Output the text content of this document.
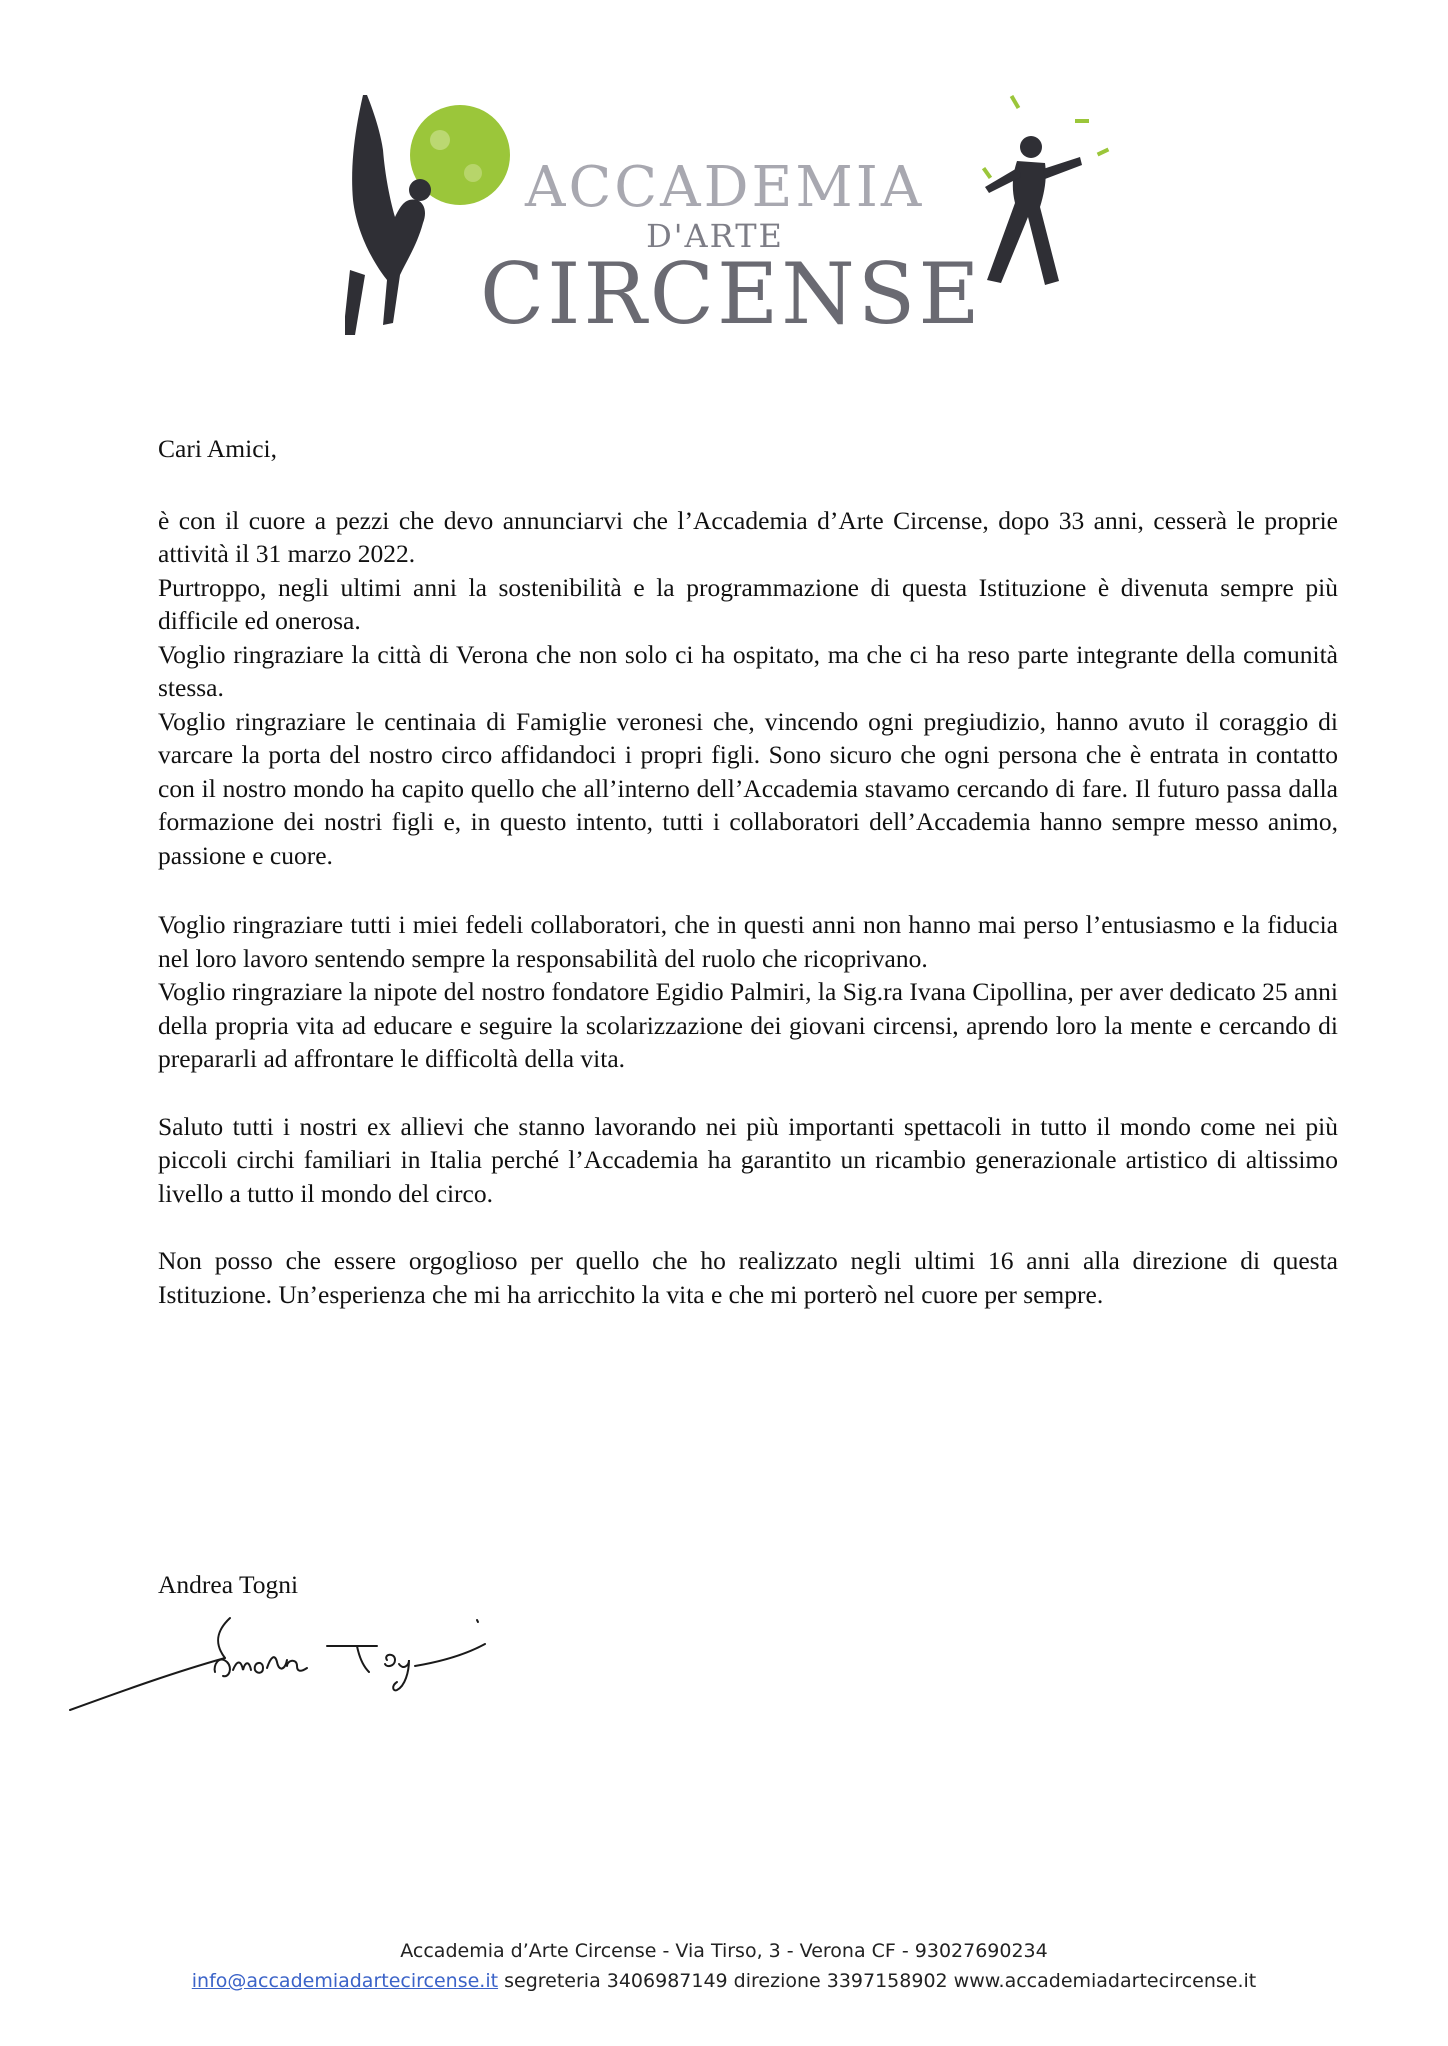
ACCADEMIA
D'ARTE
CIRCENSE

Cari Amici,

è con il cuore a pezzi che devo annunciarvi che l’Accademia d’Arte Circense, dopo 33 anni, cesserà le proprie attività il 31 marzo 2022.

Purtroppo, negli ultimi anni la sostenibilità e la programmazione di questa Istituzione è divenuta sempre più difficile ed onerosa.

Voglio ringraziare la città di Verona che non solo ci ha ospitato, ma che ci ha reso parte integrante della comunità stessa.

Voglio ringraziare le centinaia di Famiglie veronesi che, vincendo ogni pregiudizio, hanno avuto il coraggio di varcare la porta del nostro circo affidandoci i propri figli. Sono sicuro che ogni persona che è entrata in contatto con il nostro mondo ha capito quello che all’interno dell’Accademia stavamo cercando di fare. Il futuro passa dalla formazione dei nostri figli e, in questo intento, tutti i collaboratori dell’Accademia hanno sempre messo animo, passione e cuore.

Voglio ringraziare tutti i miei fedeli collaboratori, che in questi anni non hanno mai perso l’entusiasmo e la fiducia nel loro lavoro sentendo sempre la responsabilità del ruolo che ricoprivano.

Voglio ringraziare la nipote del nostro fondatore Egidio Palmiri, la Sig.ra Ivana Cipollina, per aver dedicato 25 anni della propria vita ad educare e seguire la scolarizzazione dei giovani circensi, aprendo loro la mente e cercando di prepararli ad affrontare le difficoltà della vita.

Saluto tutti i nostri ex allievi che stanno lavorando nei più importanti spettacoli in tutto il mondo come nei più piccoli circhi familiari in Italia perché l’Accademia ha garantito un ricambio generazionale artistico di altissimo livello a tutto il mondo del circo.

Non posso che essere orgoglioso per quello che ho realizzato negli ultimi 16 anni alla direzione di questa Istituzione. Un’esperienza che mi ha arricchito la vita e che mi porterò nel cuore per sempre.

Andrea Togni
Accademia d’Arte Circense - Via Tirso, 3 - Verona CF - 93027690234
info@accademiadartecircense.it segreteria 3406987149 direzione 3397158902 www.accademiadartecircense.it
